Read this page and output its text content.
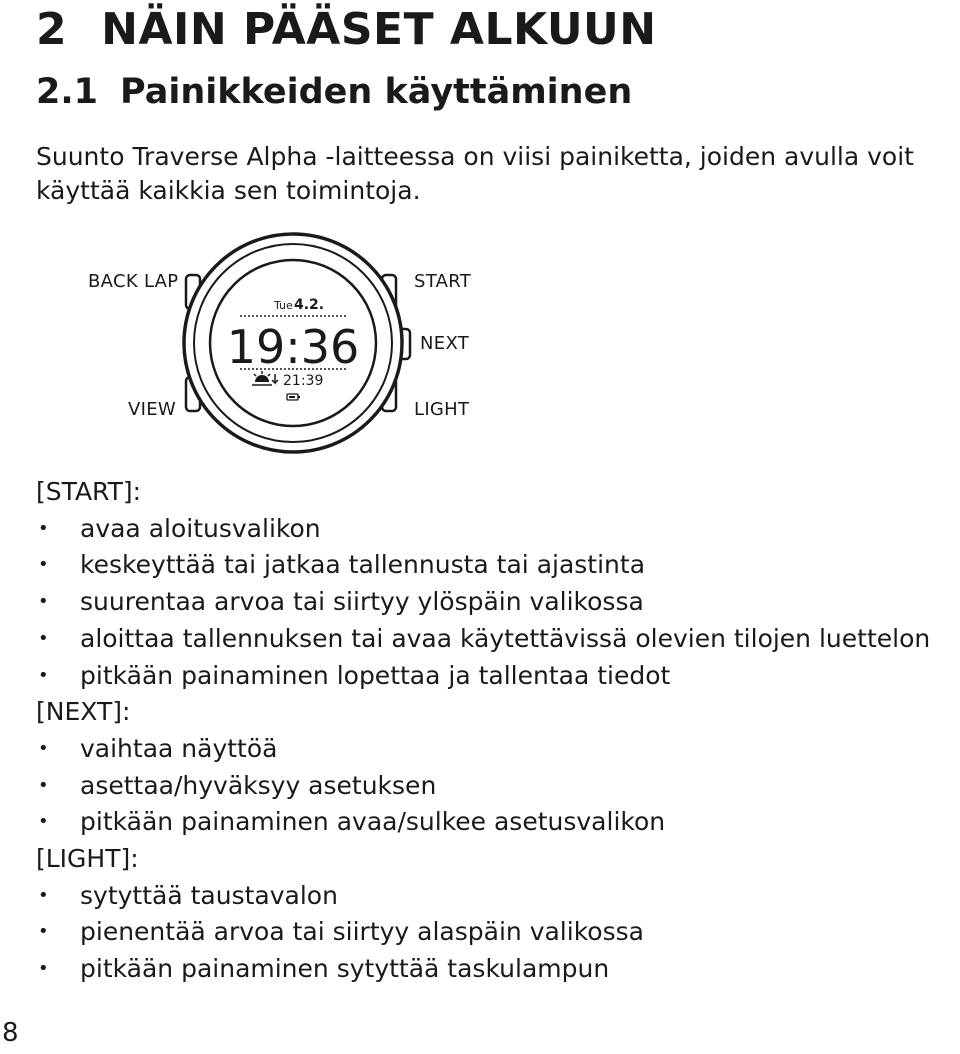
2 NÄIN PÄÄSET ALKUUN
2.1 Painikkeiden käyttäminen

Suunto Traverse Alpha -laitteessa on viisi painiketta, joiden avulla voit käyttää kaikkia sen toimintoja.

Tue 4.2.
19:36
21:39
BACK LAP	START
NEXT
VIEW	LIGHT

[START]:

• avaa aloitusvalikon

• keskeyttää tai jatkaa tallennusta tai ajastinta

• suurentaa arvoa tai siirtyy ylöspäin valikossa

• aloittaa tallennuksen tai avaa käytettävissä olevien tilojen luettelon

• pitkään painaminen lopettaa ja tallentaa tiedot

[NEXT]:

• vaihtaa näyttöä

• asettaa/hyväksyy asetuksen

• pitkään painaminen avaa/sulkee asetusvalikon

[LIGHT]:

• sytyttää taustavalon

• pienentää arvoa tai siirtyy alaspäin valikossa

• pitkään painaminen sytyttää taskulampun

8
